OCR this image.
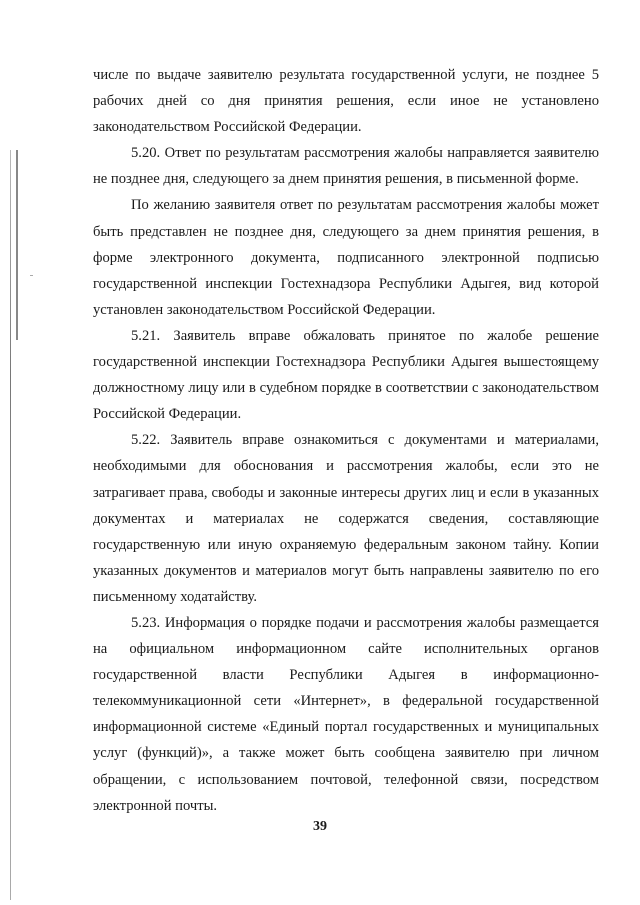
числе по выдаче заявителю результата государственной услуги, не позднее 5 рабочих дней со дня принятия решения, если иное не установлено законодательством Российской Федерации.

5.20. Ответ по результатам рассмотрения жалобы направляется заявителю не позднее дня, следующего за днем принятия решения, в письменной форме.

По желанию заявителя ответ по результатам рассмотрения жалобы может быть представлен не позднее дня, следующего за днем принятия решения, в форме электронного документа, подписанного электронной подписью государственной инспекции Гостехнадзора Республики Адыгея, вид которой установлен законодательством Российской Федерации.

5.21. Заявитель вправе обжаловать принятое по жалобе решение государственной инспекции Гостехнадзора Республики Адыгея вышестоящему должностному лицу или в судебном порядке в соответствии с законодательством Российской Федерации.

5.22. Заявитель вправе ознакомиться с документами и материалами, необходимыми для обоснования и рассмотрения жалобы, если это не затрагивает права, свободы и законные интересы других лиц и если в указанных документах и материалах не содержатся сведения, составляющие государственную или иную охраняемую федеральным законом тайну. Копии указанных документов и материалов могут быть направлены заявителю по его письменному ходатайству.

5.23. Информация о порядке подачи и рассмотрения жалобы размещается на официальном информационном сайте исполнительных органов государственной власти Республики Адыгея в информационно-телекоммуникационной сети «Интернет», в федеральной государственной информационной системе «Единый портал государственных и муниципальных услуг (функций)», а также может быть сообщена заявителю при личном обращении, с использованием почтовой, телефонной связи, посредством электронной почты.

39
